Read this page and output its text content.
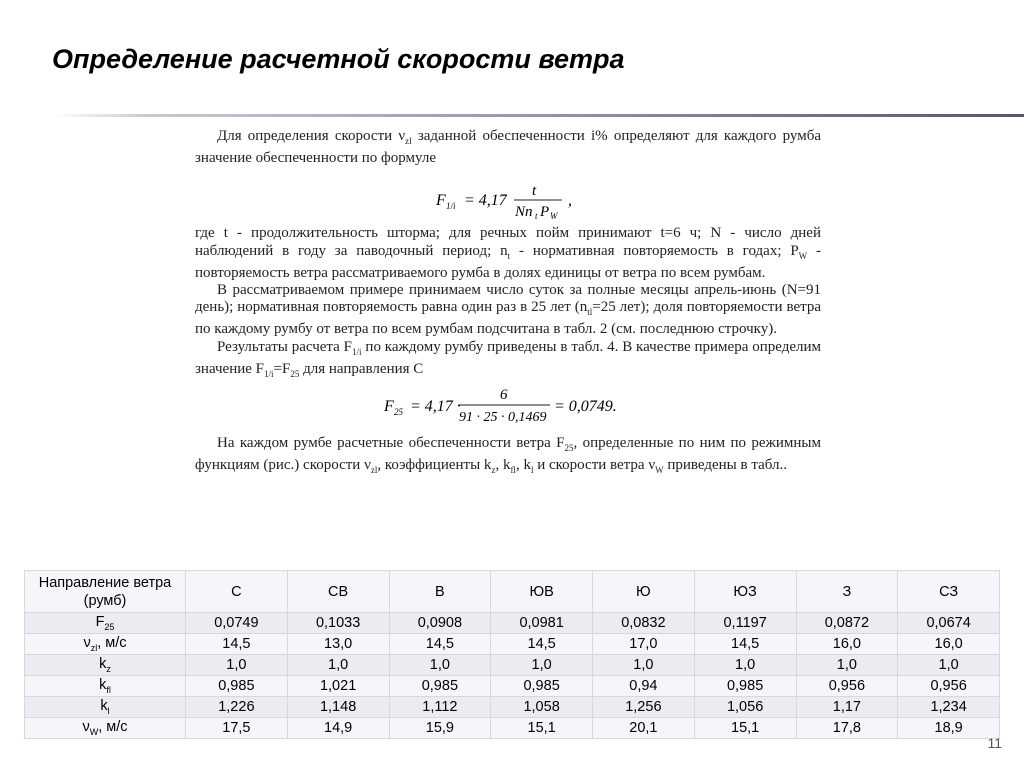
Определение расчетной скорости ветра

Для определения скорости $\nu_{zl}$ заданной обеспеченности i% определяют для каждого румба значение обеспеченности по формуле

F 1/i = 4,17
t
Nn t P W
,

где t - продолжительность шторма; для речных пойм принимают t=6 ч; N - число дней наблюдений в году за паводочный период; $n_t$ - нормативная повторяемость в годах; $P_W$ - повторяемость ветра рассматриваемого румба в долях единицы от ветра по всем румбам.

В рассматриваемом примере принимаем число суток за полные месяцы апрель-июнь (N=91 день); нормативная повторяемость равна один раз в 25 лет ($n_{tl}=25$ лет); доля повторяемости ветра по каждому румбу от ветра по всем румбам подсчитана в табл. 2 (см. последнюю строчку).

Результаты расчета $F_{1/i}$ по каждому румбу приведены в табл. 4. В качестве примера определим значение $F_{1/i}=F_{25}$ для направления С

F 25 = 4,17 ·
6
91 · 25 · 0,1469
= 0,0749.

На каждом румбе расчетные обеспеченности ветра $F_{25}$, определенные по ним по режимным функциям (рис.) скорости $\nu_{zl}$, коэффициенты $k_z$, $k_{fl}$, $k_l$ и скорости ветра $\nu_W$ приведены в табл..

Направление ветра
(румб)	С	СВ	В	ЮВ	Ю	ЮЗ	З	СЗ
$F_{25}$	0,0749	0,1033	0,0908	0,0981	0,0832	0,1197	0,0872	0,0674
$\nu_{zl}$, м/с	14,5	13,0	14,5	14,5	17,0	14,5	16,0	16,0
$k_z$	1,0	1,0	1,0	1,0	1,0	1,0	1,0	1,0
$k_{fl}$	0,985	1,021	0,985	0,985	0,94	0,985	0,956	0,956
$k_l$	1,226	1,148	1,112	1,058	1,256	1,056	1,17	1,234
$\nu_W$, м/с	17,5	14,9	15,9	15,1	20,1	15,1	17,8	18,9
11
